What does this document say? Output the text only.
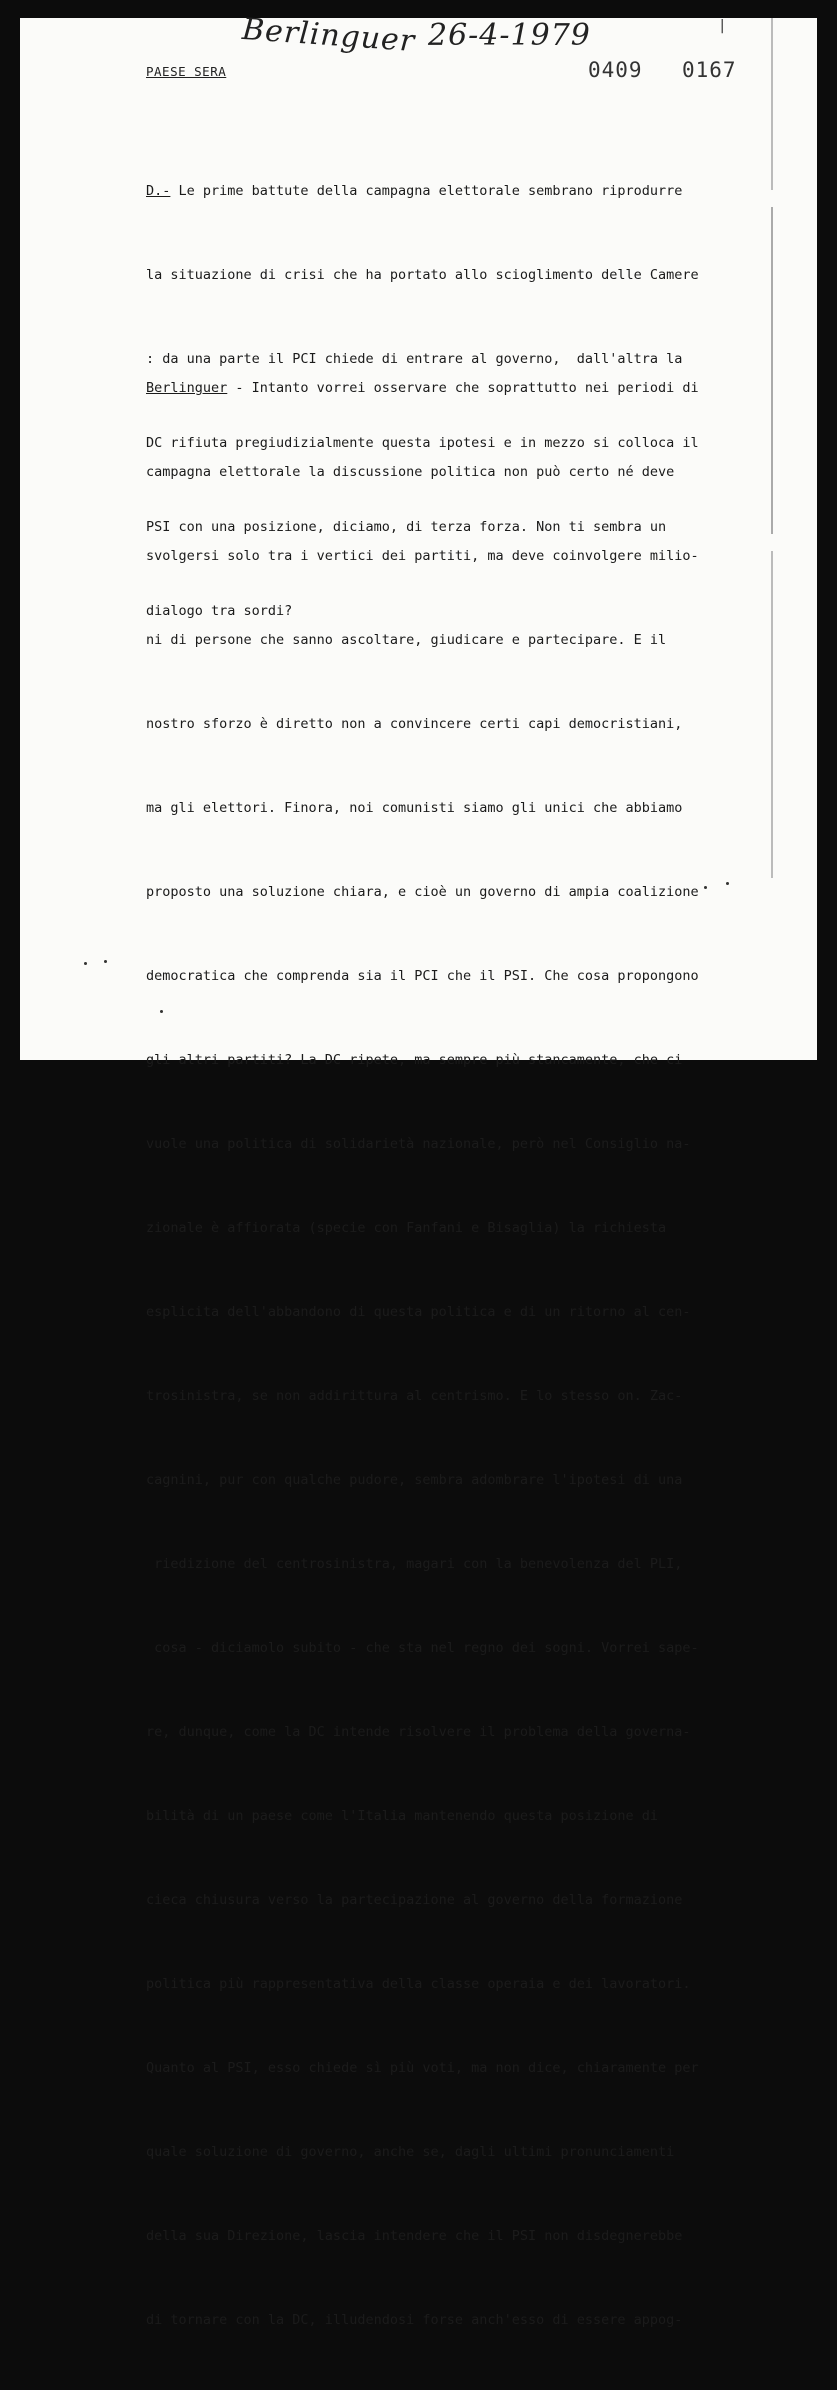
Berlinguer 26-4-1979	|
PAESE SERA	0409 0167

D.- Le prime battute della campagna elettorale sembrano riprodurre

la situazione di crisi che ha portato allo scioglimento delle Camere

: da una parte il PCI chiede di entrare al governo,  dall'altra la

DC rifiuta pregiudizialmente questa ipotesi e in mezzo si colloca il

PSI con una posizione, diciamo, di terza forza. Non ti sembra un

dialogo tra sordi?

Berlinguer - Intanto vorrei osservare che soprattutto nei periodi di

campagna elettorale la discussione politica non può certo né deve

svolgersi solo tra i vertici dei partiti, ma deve coinvolgere milio-

ni di persone che sanno ascoltare, giudicare e partecipare. E il

nostro sforzo è diretto non a convincere certi capi democristiani,

ma gli elettori. Finora, noi comunisti siamo gli unici che abbiamo

proposto una soluzione chiara, e cioè un governo di ampia coalizione

democratica che comprenda sia il PCI che il PSI. Che cosa propongono

gli altri partiti? La DC ripete, ma sempre più stancamente, che ci

vuole una politica di solidarietà nazionale, però nel Consiglio na-

zionale è affiorata (specie con Fanfani e Bisaglia) la richiesta

esplicita dell'abbandono di questa politica e di un ritorno al cen-

trosinistra, se non addirittura al centrismo. E lo stesso on. Zac-

cagnini, pur con qualche pudore, sembra adombrare l'ipotesi di una

riedizione del centrosinistra, magari con la benevolenza del PLI,

cosa - diciamolo subito - che sta nel regno dei sogni. Vorrei sape-

re, dunque, come la DC intende risolvere il problema della governa-

bilità di un paese come l'Italia mantenendo questa posizione di

cieca chiusura verso la partecipazione al governo della formazione

politica più rappresentativa della classe operaia e dei lavoratori.

Quanto al PSI, esso chiede sì più voti, ma non dice, chiaramente per

quale soluzione di governo, anche se, dagli ultimi pronunciamenti

della sua Direzione, lascia intendere che il PSI non disdegnerebbe

di tornare con la DC, illudendosi forse anch'esso di essere appog-
